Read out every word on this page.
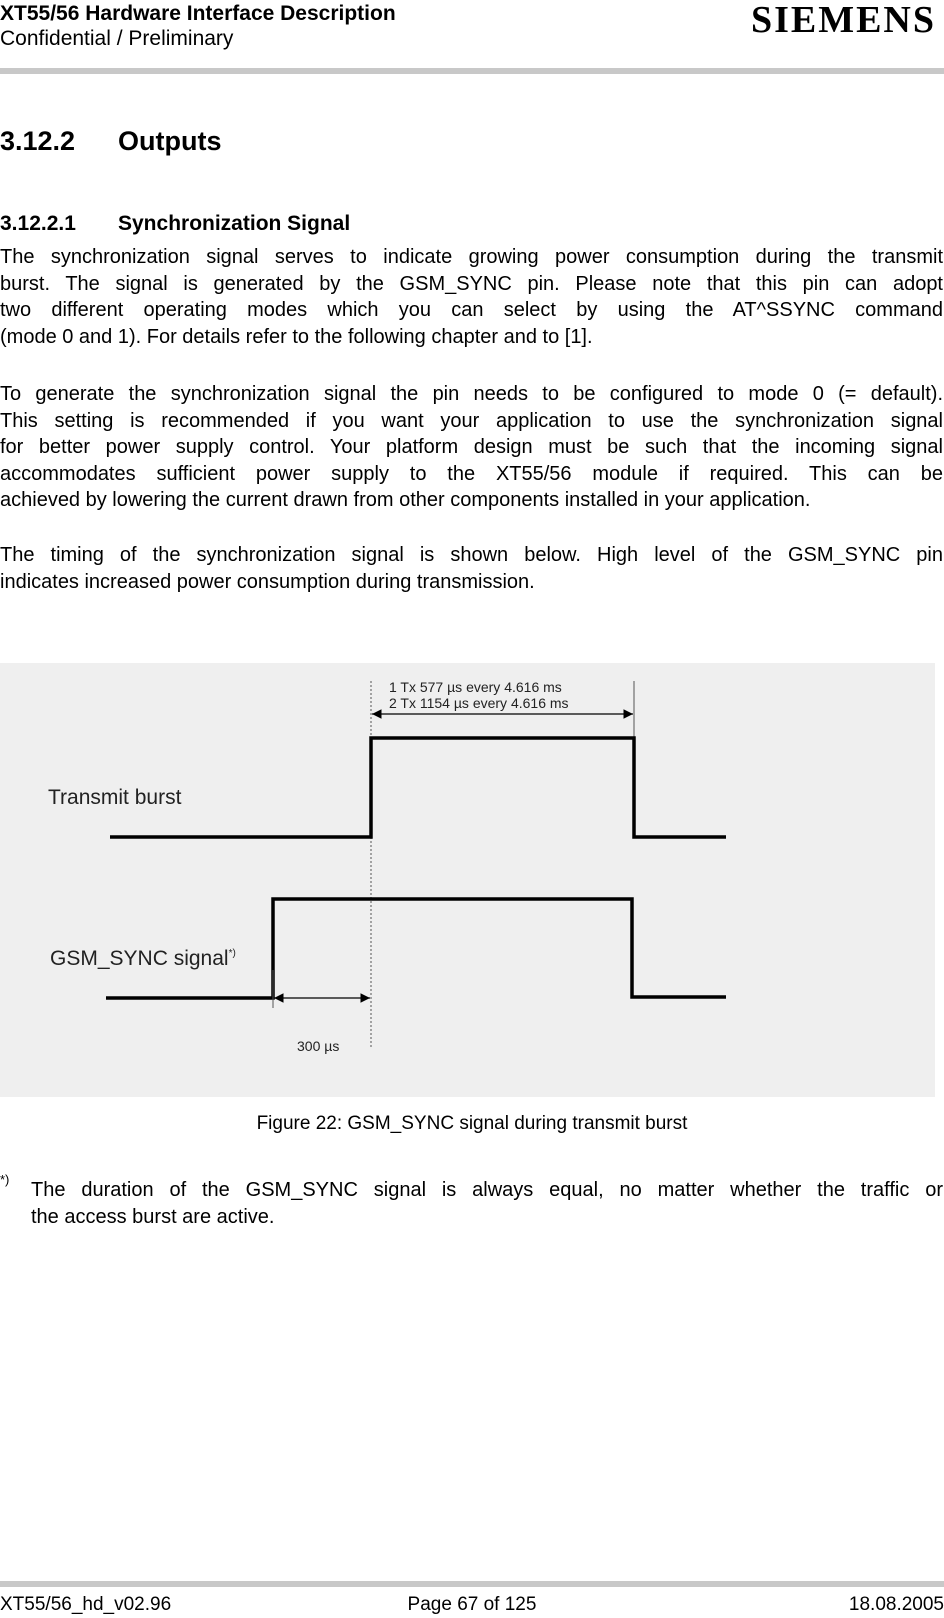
XT55/56 Hardware Interface Description
Confidential / Preliminary	SIEMENS
3.12.2 Outputs
3.12.2.1 Synchronization Signal
The synchronization signal serves to indicate growing power consumption during the transmit
burst. The signal is generated by the GSM_SYNC pin. Please note that this pin can adopt
two different operating modes which you can select by using the AT^SSYNC command
(mode 0 and 1). For details refer to the following chapter and to [1].
To generate the synchronization signal the pin needs to be configured to mode 0 (= default).
This setting is recommended if you want your application to use the synchronization signal
for better power supply control. Your platform design must be such that the incoming signal
accommodates sufficient power supply to the XT55/56 module if required. This can be
achieved by lowering the current drawn from other components installed in your application.
The timing of the synchronization signal is shown below. High level of the GSM_SYNC pin
indicates increased power consumption during transmission.
Transmit burst
GSM_SYNC signal*)
1 Tx 577 µs every 4.616 ms
2 Tx 1154 µs every 4.616 ms
300 µs
Figure 22: GSM_SYNC signal during transmit burst
*) The duration of the GSM_SYNC signal is always equal, no matter whether the traffic or
the access burst are active.
XT55/56_hd_v02.96	Page 67 of 125	18.08.2005
